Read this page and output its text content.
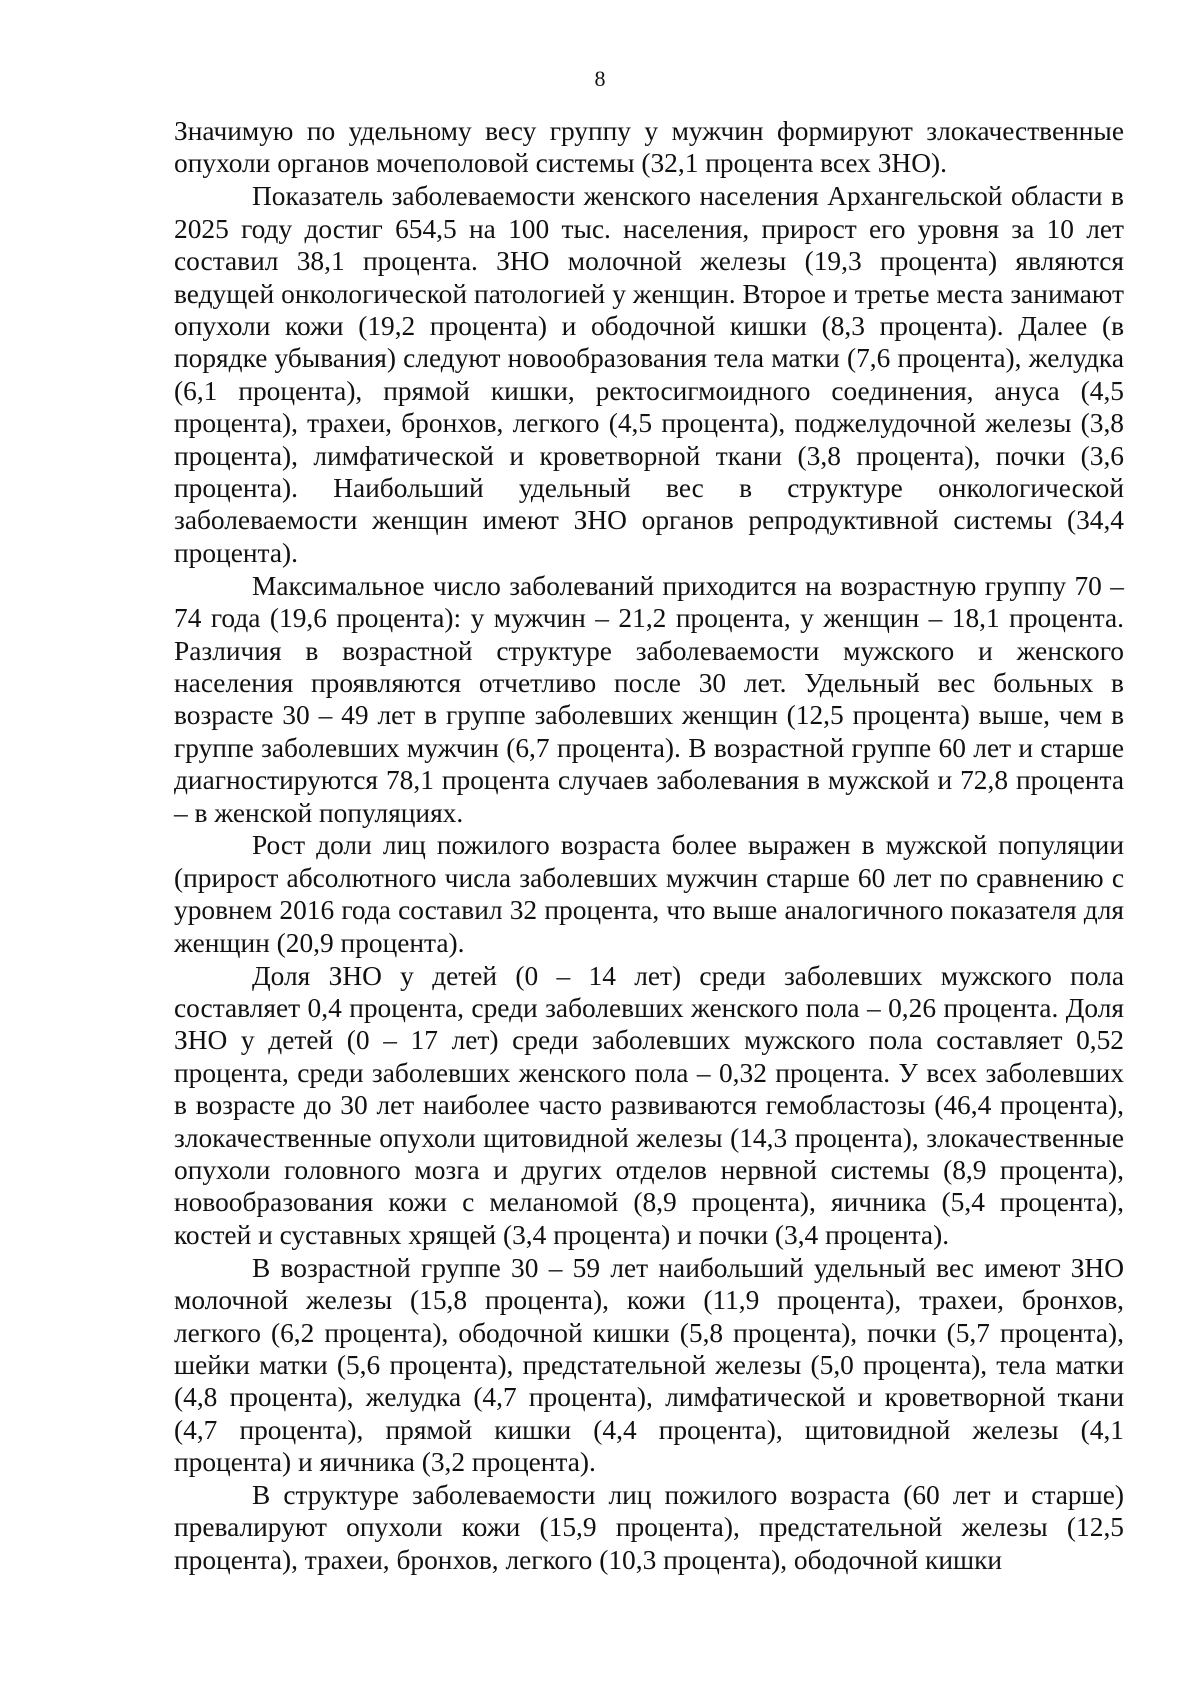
8

Значимую по удельному весу группу у мужчин формируют злокачественные опухоли органов мочеполовой системы (32,1 процента всех ЗНО).

Показатель заболеваемости женского населения Архангельской области в 2025 году достиг 654,5 на 100 тыс. населения, прирост его уровня за 10 лет составил 38,1 процента. ЗНО молочной железы (19,3 процента) являются ведущей онкологической патологией у женщин. Второе и третье места занимают опухоли кожи (19,2 процента) и ободочной кишки (8,3 процента). Далее (в порядке убывания) следуют новообразования тела матки (7,6 процента), желудка (6,1 процента), прямой кишки, ректосигмоидного соединения, ануса (4,5 процента), трахеи, бронхов, легкого (4,5 процента), поджелудочной железы (3,8 процента), лимфатической и кроветворной ткани (3,8 процента), почки (3,6 процента). Наибольший удельный вес в структуре онкологической заболеваемости женщин имеют ЗНО органов репродуктивной системы (34,4 процента).

Максимальное число заболеваний приходится на возрастную группу 70 – 74 года (19,6 процента): у мужчин – 21,2 процента, у женщин – 18,1 процента. Различия в возрастной структуре заболеваемости мужского и женского населения проявляются отчетливо после 30 лет. Удельный вес больных в возрасте 30 – 49 лет в группе заболевших женщин (12,5 процента) выше, чем в группе заболевших мужчин (6,7 процента). В возрастной группе 60 лет и старше диагностируются 78,1 процента случаев заболевания в мужской и 72,8 процента – в женской популяциях.

Рост доли лиц пожилого возраста более выражен в мужской популяции (прирост абсолютного числа заболевших мужчин старше 60 лет по сравнению с уровнем 2016 года составил 32 процента, что выше аналогичного показателя для женщин (20,9 процента).

Доля ЗНО у детей (0 – 14 лет) среди заболевших мужского пола составляет 0,4 процента, среди заболевших женского пола – 0,26 процента. Доля ЗНО у детей (0 – 17 лет) среди заболевших мужского пола составляет 0,52 процента, среди заболевших женского пола – 0,32 процента. У всех заболевших в возрасте до 30 лет наиболее часто развиваются гемобластозы (46,4 процента), злокачественные опухоли щитовидной железы (14,3 процента), злокачественные опухоли головного мозга и других отделов нервной системы (8,9 процента), новообразования кожи с меланомой (8,9 процента), яичника (5,4 процента), костей и суставных хрящей (3,4 процента) и почки (3,4 процента).

В возрастной группе 30 – 59 лет наибольший удельный вес имеют ЗНО молочной железы (15,8 процента), кожи (11,9 процента), трахеи, бронхов, легкого (6,2 процента), ободочной кишки (5,8 процента), почки (5,7 процента), шейки матки (5,6 процента), предстательной железы (5,0 процента), тела матки (4,8 процента), желудка (4,7 процента), лимфатической и кроветворной ткани (4,7 процента), прямой кишки (4,4 процента), щитовидной железы (4,1 процента) и яичника (3,2 процента).

В структуре заболеваемости лиц пожилого возраста (60 лет и старше) превалируют опухоли кожи (15,9 процента), предстательной железы (12,5 процента), трахеи, бронхов, легкого (10,3 процента), ободочной кишки
